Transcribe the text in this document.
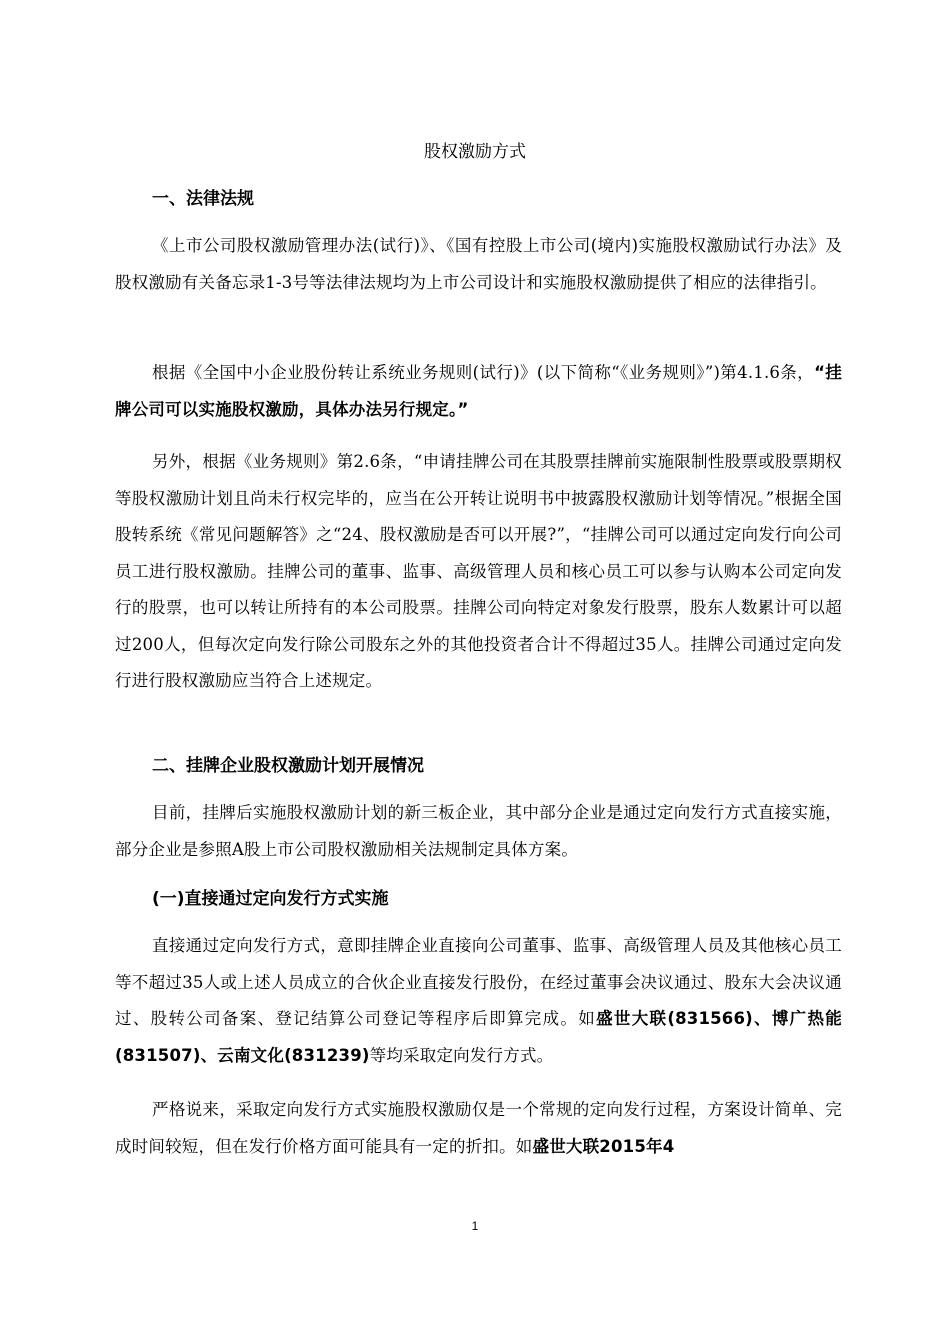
股权激励方式
一、法律法规
《上市公司股权激励管理办法(试行)》、《国有控股上市公司(境内)实施股权激励试行办法》及股权激励有关备忘录1-3号等法律法规均为上市公司设计和实施股权激励提供了相应的法律指引。
根据《全国中小企业股份转让系统业务规则(试行)》(以下简称“《业务规则》”)第4.1.6条，“挂牌公司可以实施股权激励，具体办法另行规定。”
另外，根据《业务规则》第2.6条，“申请挂牌公司在其股票挂牌前实施限制性股票或股票期权等股权激励计划且尚未行权完毕的，应当在公开转让说明书中披露股权激励计划等情况。”根据全国股转系统《常见问题解答》之“24、股权激励是否可以开展?”，“挂牌公司可以通过定向发行向公司员工进行股权激励。挂牌公司的董事、监事、高级管理人员和核心员工可以参与认购本公司定向发行的股票，也可以转让所持有的本公司股票。挂牌公司向特定对象发行股票，股东人数累计可以超过200人，但每次定向发行除公司股东之外的其他投资者合计不得超过35人。挂牌公司通过定向发行进行股权激励应当符合上述规定。
二、挂牌企业股权激励计划开展情况
目前，挂牌后实施股权激励计划的新三板企业，其中部分企业是通过定向发行方式直接实施，部分企业是参照A股上市公司股权激励相关法规制定具体方案。
(一)直接通过定向发行方式实施
直接通过定向发行方式，意即挂牌企业直接向公司董事、监事、高级管理人员及其他核心员工等不超过35人或上述人员成立的合伙企业直接发行股份，在经过董事会决议通过、股东大会决议通过、股转公司备案、登记结算公司登记等程序后即算完成。如盛世大联(831566)、博广热能(831507)、云南文化(831239)等均采取定向发行方式。
严格说来，采取定向发行方式实施股权激励仅是一个常规的定向发行过程，方案设计简单、完成时间较短，但在发行价格方面可能具有一定的折扣。如盛世大联2015年4
1
